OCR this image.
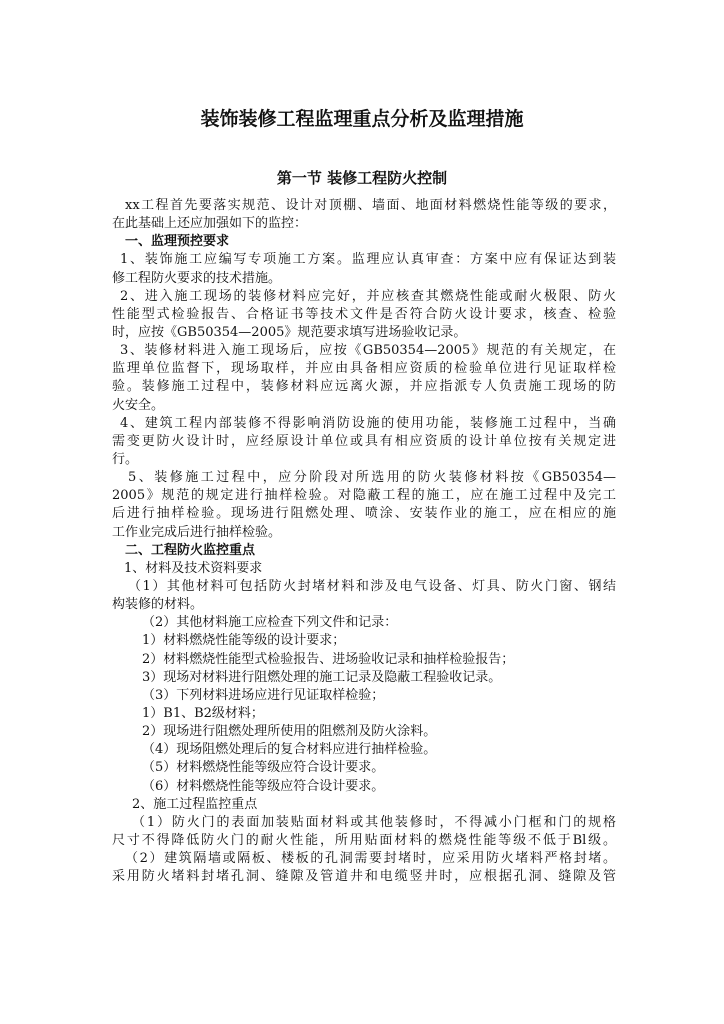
装饰装修工程监理重点分析及监理措施
第一节 装修工程防火控制
xx工程首先要落实规范、设计对顶棚、墙面、地面材料燃烧性能等级的要求，
在此基础上还应加强如下的监控：
一、监理预控要求
1、装饰施工应编写专项施工方案。监理应认真审查：方案中应有保证达到装
修工程防火要求的技术措施。
2、进入施工现场的装修材料应完好，并应核查其燃烧性能或耐火极限、防火
性能型式检验报告、合格证书等技术文件是否符合防火设计要求，核查、检验
时，应按《GB50354—2005》规范要求填写进场验收记录。
3、装修材料进入施工现场后，应按《GB50354—2005》规范的有关规定，在
监理单位监督下，现场取样，并应由具备相应资质的检验单位进行见证取样检
验。装修施工过程中，装修材料应远离火源，并应指派专人负责施工现场的防
火安全。
4、建筑工程内部装修不得影响消防设施的使用功能，装修施工过程中，当确
需变更防火设计时，应经原设计单位或具有相应资质的设计单位按有关规定进
行。
5、装修施工过程中，应分阶段对所选用的防火装修材料按《GB50354—
2005》规范的规定进行抽样检验。对隐蔽工程的施工，应在施工过程中及完工
后进行抽样检验。现场进行阻燃处理、喷涂、安装作业的施工，应在相应的施
工作业完成后进行抽样检验。
二、工程防火监控重点
1、材料及技术资料要求
（1）其他材料可包括防火封堵材料和涉及电气设备、灯具、防火门窗、钢结
构装修的材料。
（2）其他材料施工应检查下列文件和记录：
1）材料燃烧性能等级的设计要求；
2）材料燃烧性能型式检验报告、进场验收记录和抽样检验报告；
3）现场对材料进行阻燃处理的施工记录及隐蔽工程验收记录。
（3）下列材料进场应进行见证取样检验；
1）B1、B2级材料；
2）现场进行阻燃处理所使用的阻燃剂及防火涂料。
（4）现场阻燃处理后的复合材料应进行抽样检验。
（5）材料燃烧性能等级应符合设计要求。
（6）材料燃烧性能等级应符合设计要求。
2、施工过程监控重点
（1）防火门的表面加装贴面材料或其他装修时，不得减小门框和门的规格
尺寸不得降低防火门的耐火性能，所用贴面材料的燃烧性能等级不低于Bl级。
（2）建筑隔墙或隔板、楼板的孔洞需要封堵时，应采用防火堵料严格封堵。
采用防火堵料封堵孔洞、缝隙及管道井和电缆竖井时，应根据孔洞、缝隙及管
